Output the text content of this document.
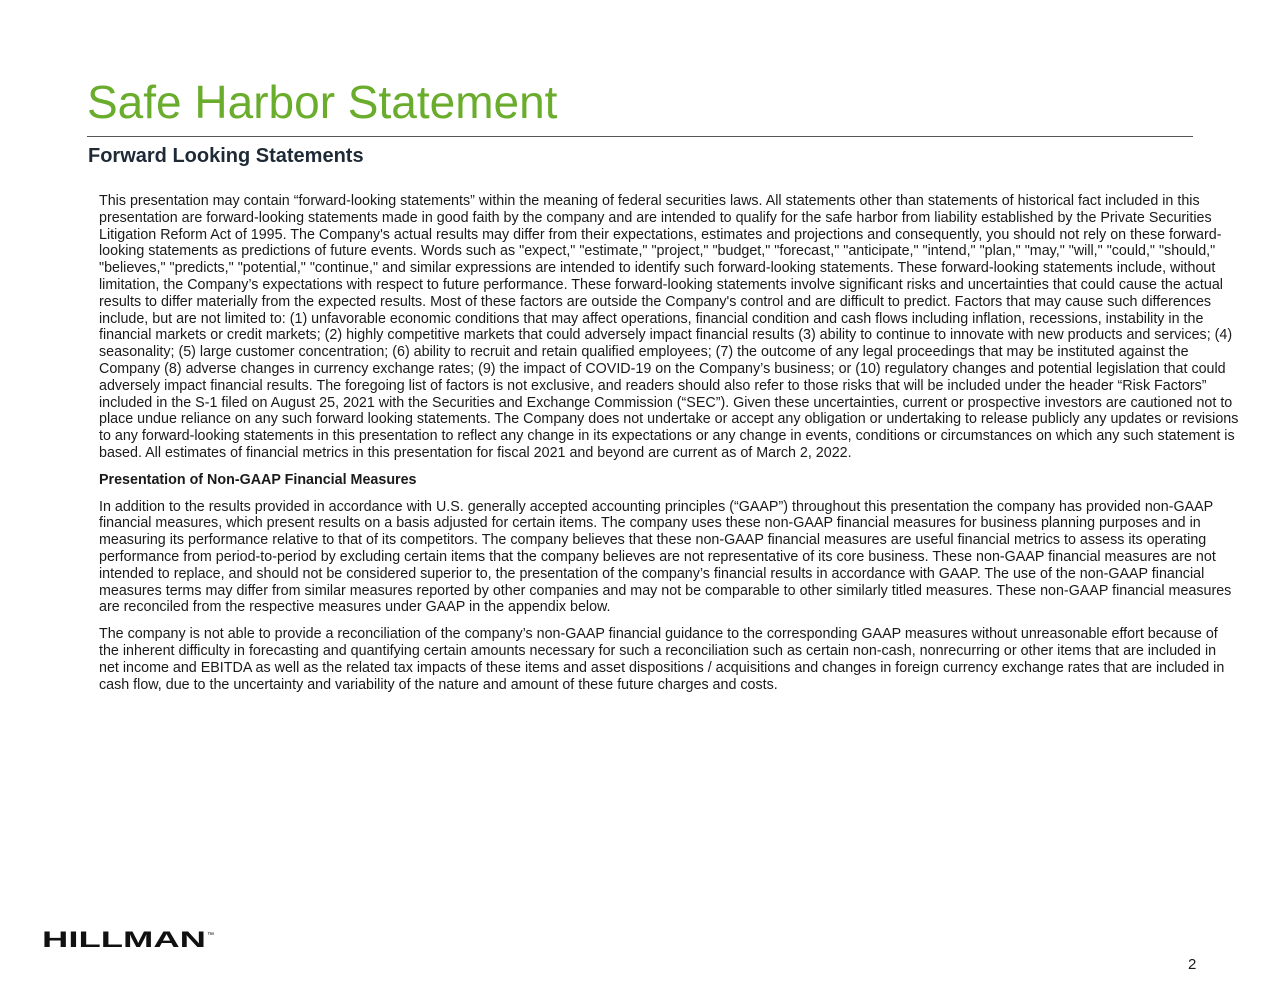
Safe Harbor Statement
Forward Looking Statements

This presentation may contain “forward-looking statements” within the meaning of federal securities laws. All statements other than statements of historical fact included in this presentation are forward-looking statements made in good faith by the company and are intended to qualify for the safe harbor from liability established by the Private Securities Litigation Reform Act of 1995. The Company's actual results may differ from their expectations, estimates and projections and consequently, you should not rely on these forward-looking statements as predictions of future events. Words such as "expect," "estimate," "project," "budget," "forecast," "anticipate," "intend," "plan," "may," "will," "could," "should," "believes," "predicts," "potential," "continue," and similar expressions are intended to identify such forward-looking statements. These forward-looking statements include, without limitation, the Company’s expectations with respect to future performance. These forward-looking statements involve significant risks and uncertainties that could cause the actual results to differ materially from the expected results. Most of these factors are outside the Company's control and are difficult to predict. Factors that may cause such differences include, but are not limited to: (1) unfavorable economic conditions that may affect operations, financial condition and cash flows including inflation, recessions, instability in the financial markets or credit markets; (2) highly competitive markets that could adversely impact financial results (3) ability to continue to innovate with new products and services; (4) seasonality; (5) large customer concentration; (6) ability to recruit and retain qualified employees; (7) the outcome of any legal proceedings that may be instituted against the Company (8) adverse changes in currency exchange rates; (9) the impact of COVID-19 on the Company’s business; or (10) regulatory changes and potential legislation that could adversely impact financial results. The foregoing list of factors is not exclusive, and readers should also refer to those risks that will be included under the header “Risk Factors” included in the S-1 filed on August 25, 2021 with the Securities and Exchange Commission (“SEC”). Given these uncertainties, current or prospective investors are cautioned not to place undue reliance on any such forward looking statements. The Company does not undertake or accept any obligation or undertaking to release publicly any updates or revisions to any forward-looking statements in this presentation to reflect any change in its expectations or any change in events, conditions or circumstances on which any such statement is based. All estimates of financial metrics in this presentation for fiscal 2021 and beyond are current as of March 2, 2022.

Presentation of Non-GAAP Financial Measures

In addition to the results provided in accordance with U.S. generally accepted accounting principles (“GAAP”) throughout this presentation the company has provided non-GAAP financial measures, which present results on a basis adjusted for certain items. The company uses these non-GAAP financial measures for business planning purposes and in measuring its performance relative to that of its competitors. The company believes that these non-GAAP financial measures are useful financial metrics to assess its operating performance from period-to-period by excluding certain items that the company believes are not representative of its core business. These non-GAAP financial measures are not intended to replace, and should not be considered superior to, the presentation of the company’s financial results in accordance with GAAP. The use of the non-GAAP financial measures terms may differ from similar measures reported by other companies and may not be comparable to other similarly titled measures. These non-GAAP financial measures are reconciled from the respective measures under GAAP in the appendix below.

The company is not able to provide a reconciliation of the company’s non-GAAP financial guidance to the corresponding GAAP measures without unreasonable effort because of the inherent difficulty in forecasting and quantifying certain amounts necessary for such a reconciliation such as certain non-cash, nonrecurring or other items that are included in net income and EBITDA as well as the related tax impacts of these items and asset dispositions / acquisitions and changes in foreign currency exchange rates that are included in cash flow, due to the uncertainty and variability of the nature and amount of these future charges and costs.

HILLMAN ™
2
